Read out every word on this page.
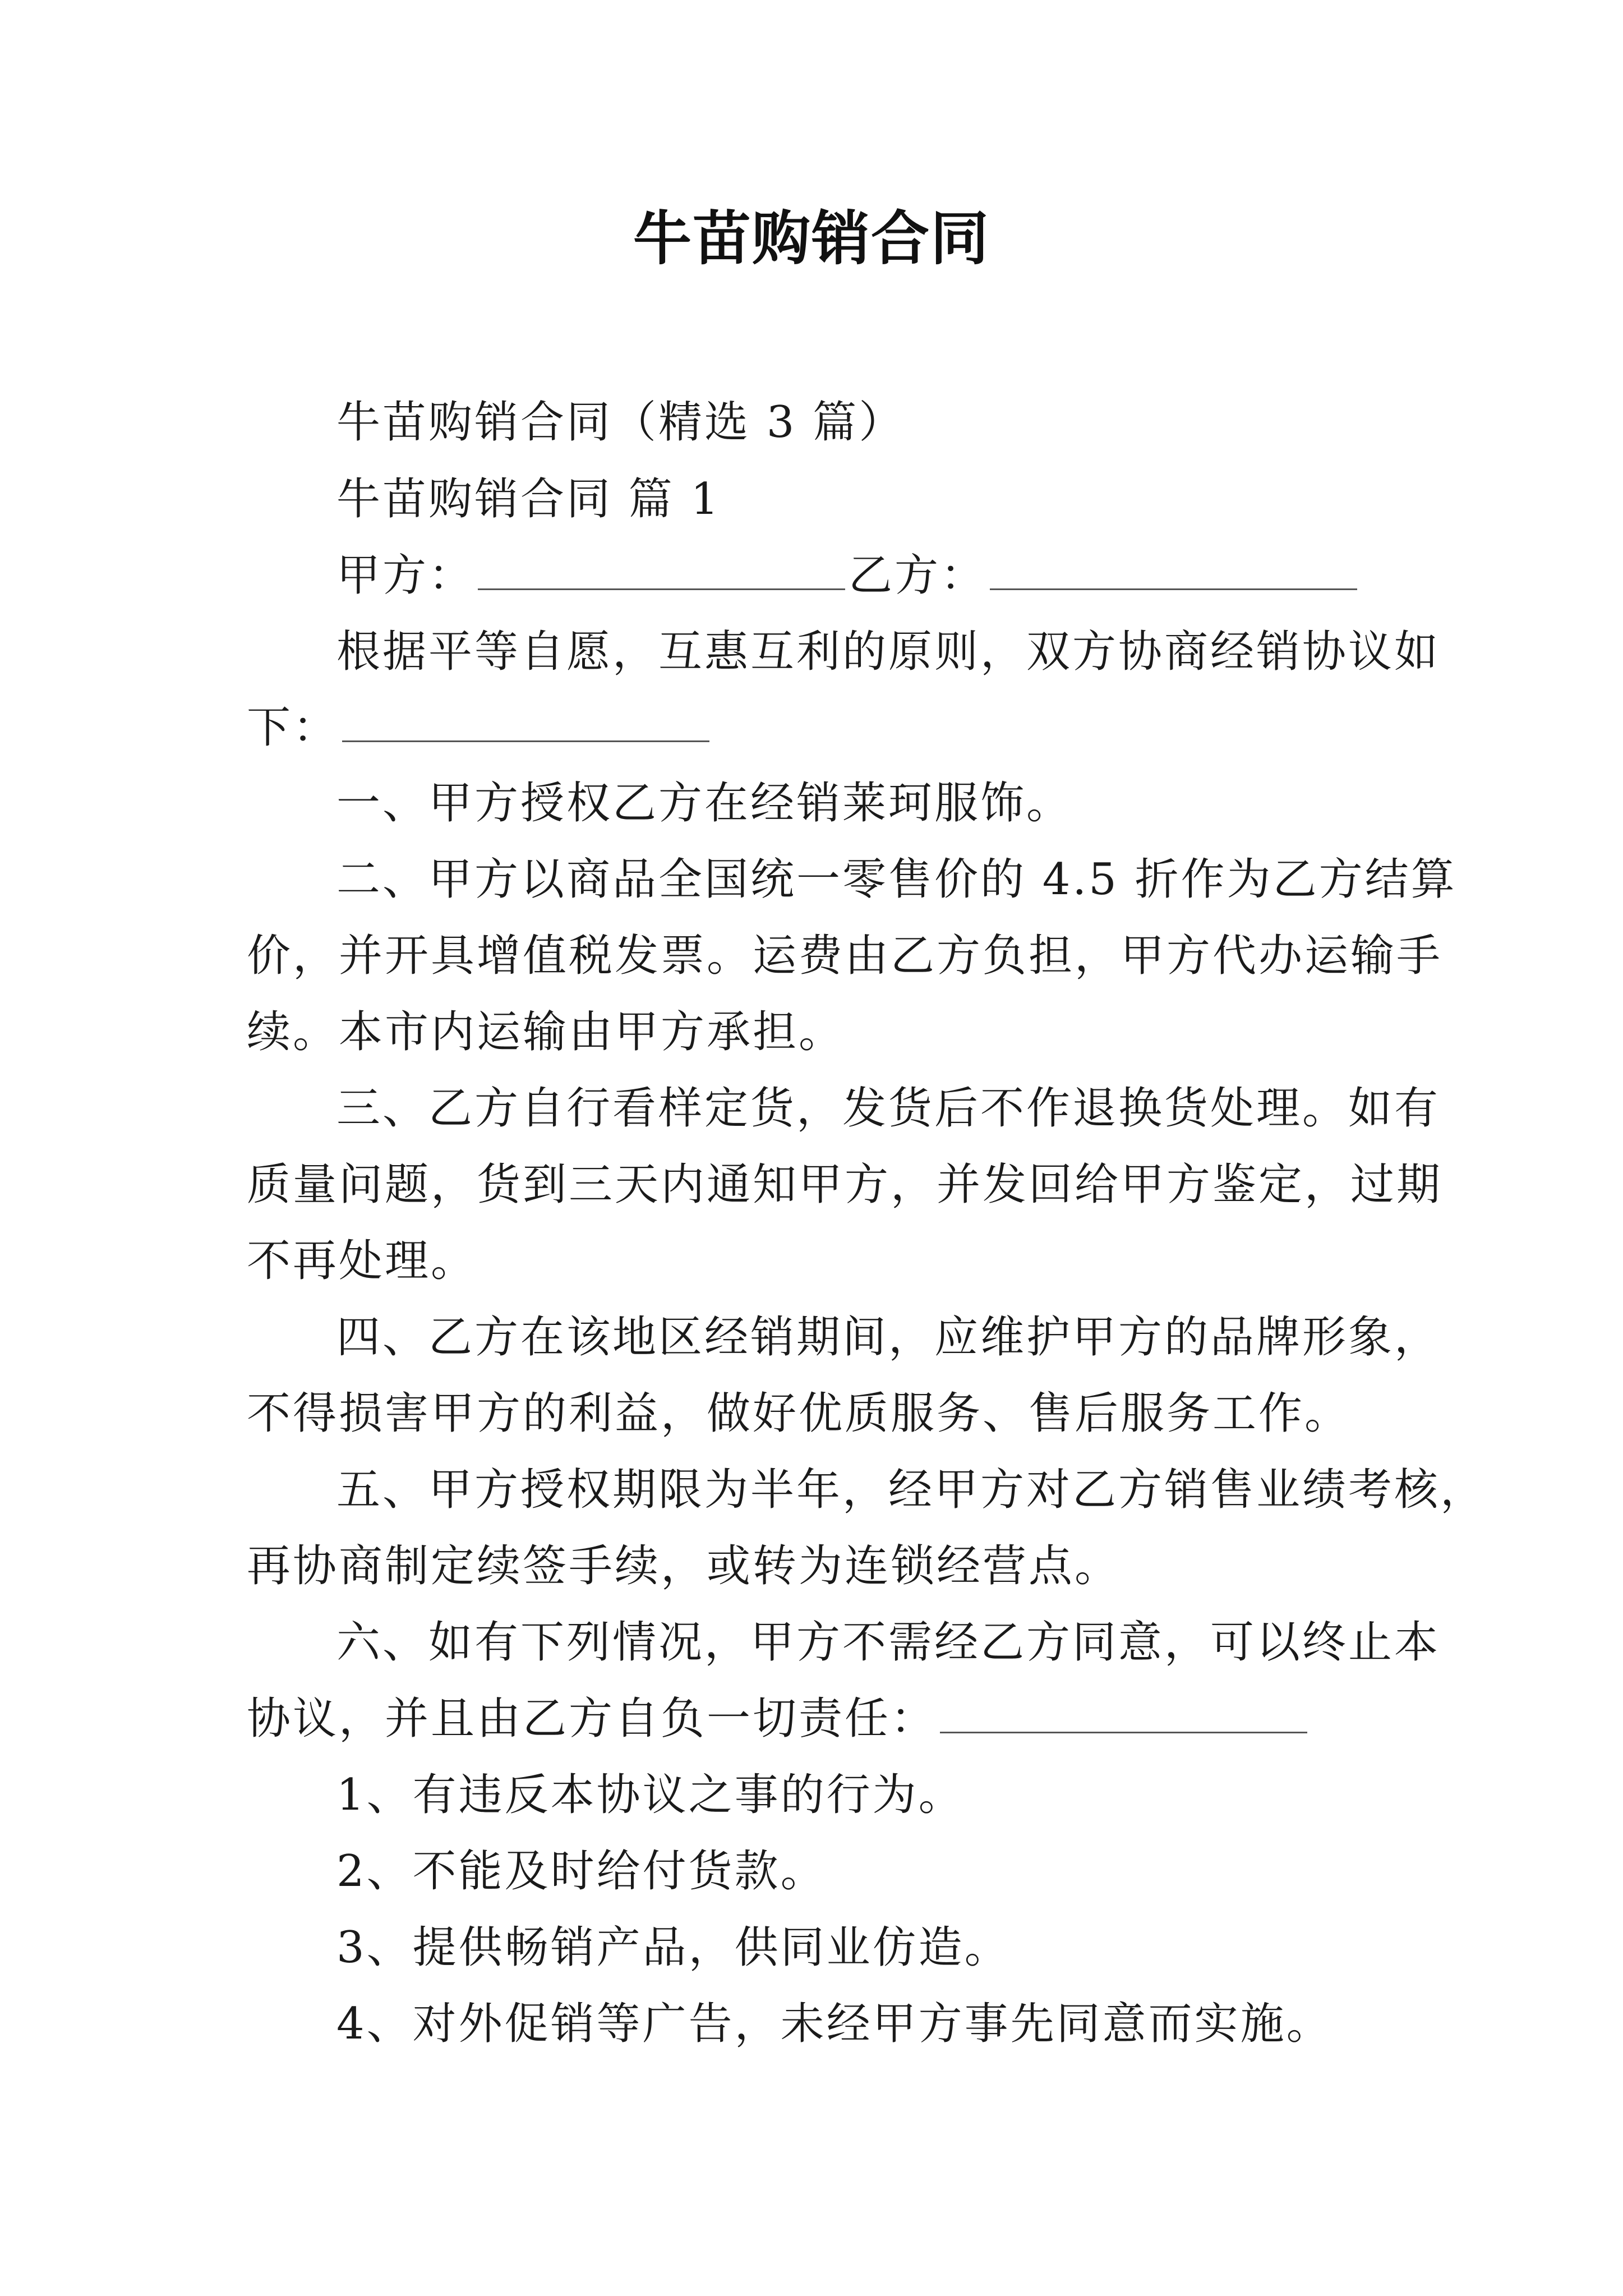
牛苗购销合同
牛苗购销合同（精选 3 篇）
牛苗购销合同 篇 1
甲方：	乙方：
根据平等自愿，互惠互利的原则，双方协商经销协议如
下：
一、甲方授权乙方在经销莱珂服饰。
二、甲方以商品全国统一零售价的 4.5 折作为乙方结算
价，并开具增值税发票。运费由乙方负担，甲方代办运输手
续。本市内运输由甲方承担。
三、乙方自行看样定货，发货后不作退换货处理。如有
质量问题，货到三天内通知甲方，并发回给甲方鉴定，过期
不再处理。
四、乙方在该地区经销期间，应维护甲方的品牌形象，
不得损害甲方的利益，做好优质服务、售后服务工作。
五、甲方授权期限为半年，经甲方对乙方销售业绩考核，
再协商制定续签手续，或转为连锁经营点。
六、如有下列情况，甲方不需经乙方同意，可以终止本
协议，并且由乙方自负一切责任：
1、有违反本协议之事的行为。
2、不能及时给付货款。
3、提供畅销产品，供同业仿造。
4、对外促销等广告，未经甲方事先同意而实施。
